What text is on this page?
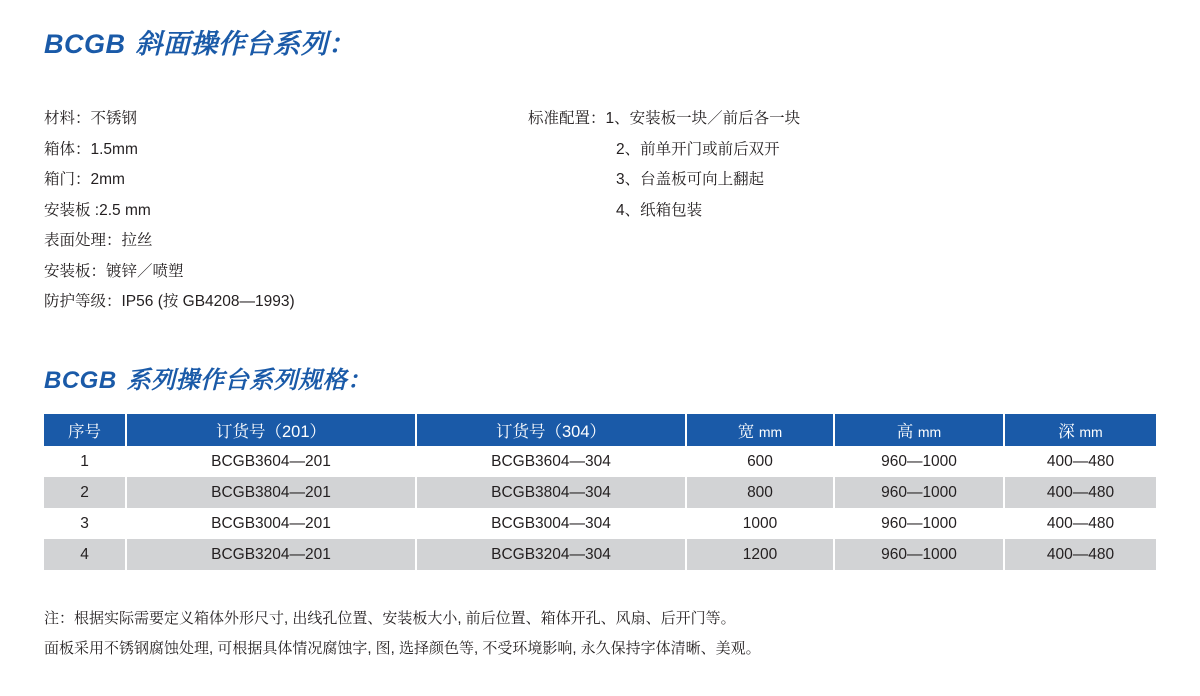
BCGB 斜面操作台系列：
材料：不锈钢
箱体：1.5mm
箱门：2mm
安装板 :2.5 mm
表面处理：拉丝
安装板：镀锌／喷塑
防护等级：IP56 (按 GB4208—1993)
标准配置：1、安装板一块／前后各一块
2、前单开门或前后双开
3、台盖板可向上翻起
4、纸箱包装
BCGB 系列操作台系列规格：
序号	订货号（201）	订货号（304）	宽 mm	高 mm	深 mm
1	BCGB3604—201	BCGB3604—304	600	960—1000	400—480
2	BCGB3804—201	BCGB3804—304	800	960—1000	400—480
3	BCGB3004—201	BCGB3004—304	1000	960—1000	400—480
4	BCGB3204—201	BCGB3204—304	1200	960—1000	400—480
注：根据实际需要定义箱体外形尺寸, 出线孔位置、安装板大小, 前后位置、箱体开孔、风扇、后开门等。
面板采用不锈钢腐蚀处理, 可根据具体情况腐蚀字, 图, 选择颜色等, 不受环境影响, 永久保持字体清晰、美观。
